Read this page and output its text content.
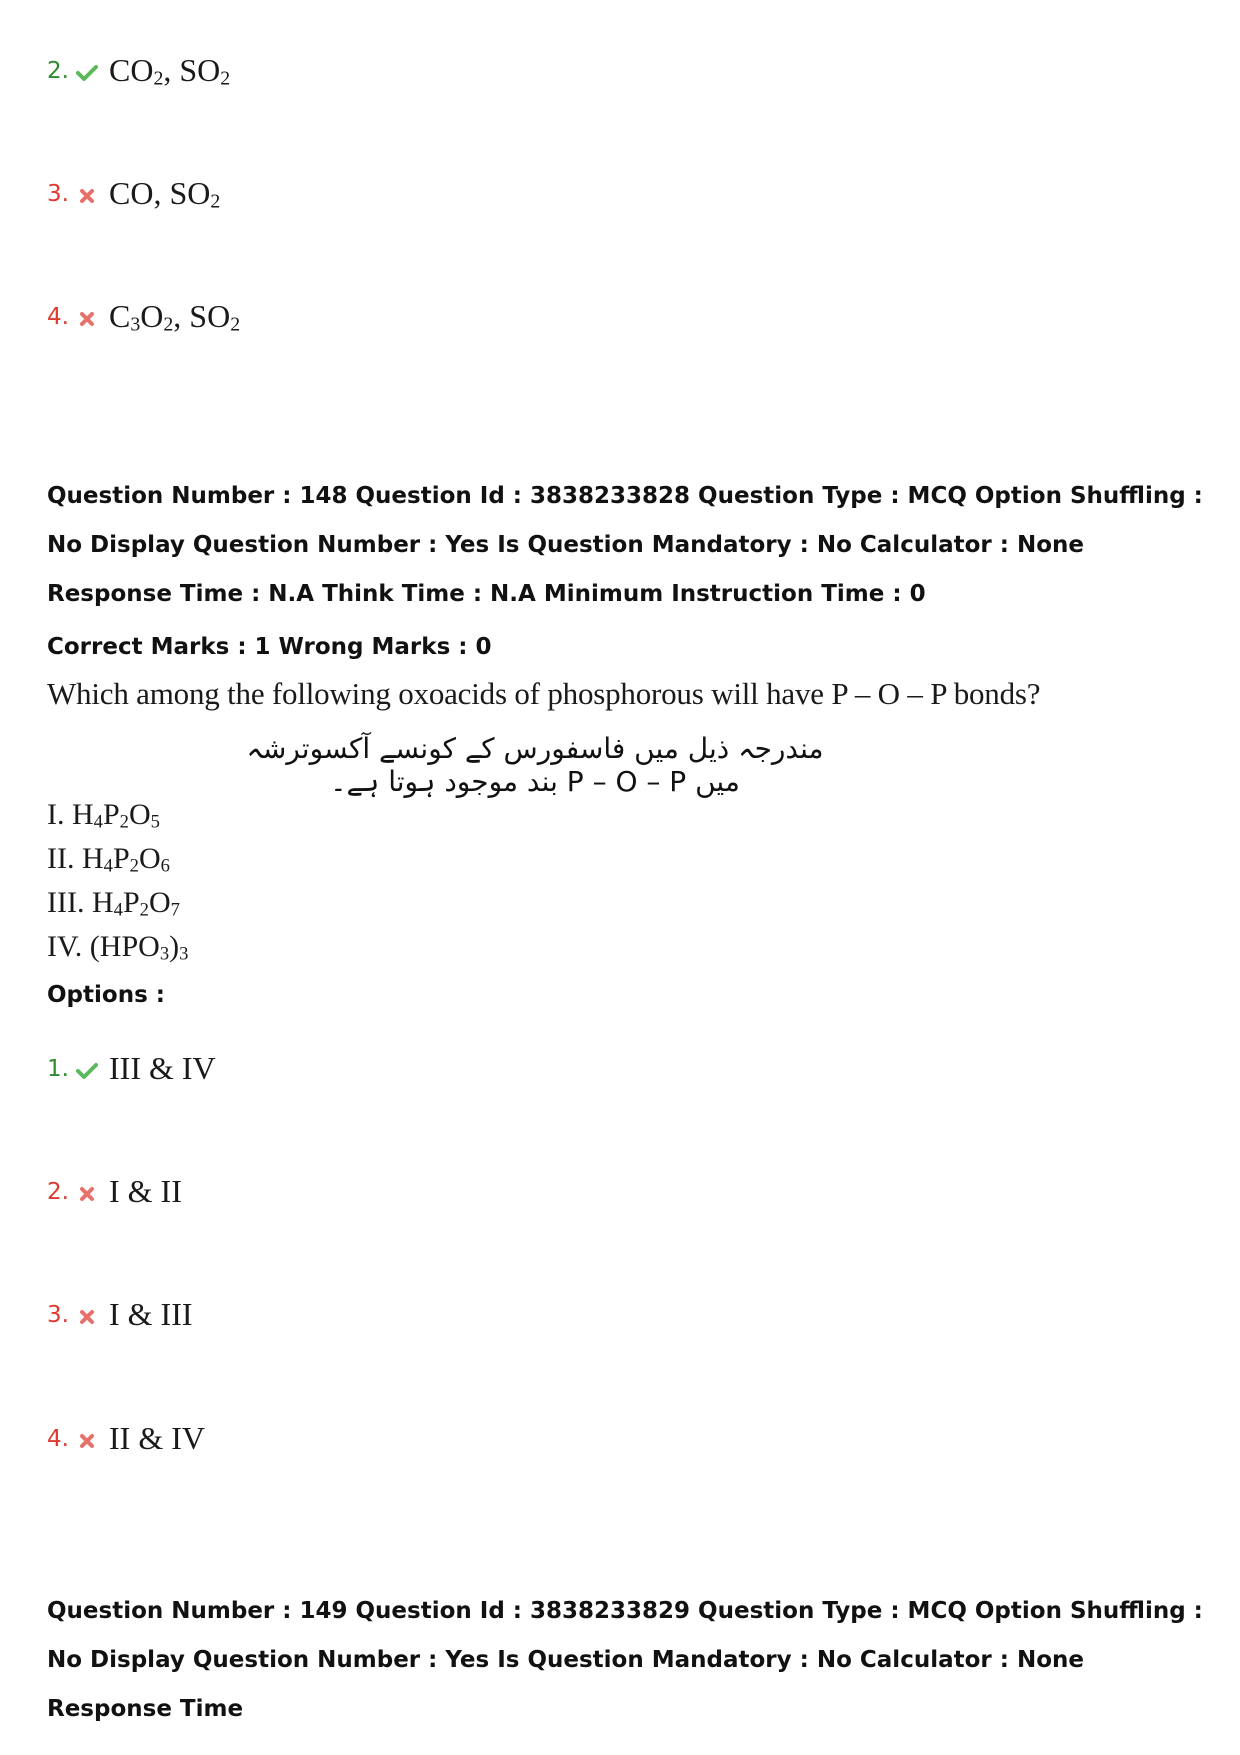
2. $CO_2$, $SO_2$
3. CO, $SO_2$
4. $C_3O_2$, $SO_2$
Question Number : 148 Question Id : 3838233828 Question Type : MCQ Option Shuffling : No Display Question Number : Yes Is Question Mandatory : No Calculator : None Response Time : N.A Think Time : N.A Minimum Instruction Time : 0
Correct Marks : 1 Wrong Marks : 0
Which among the following oxoacids of phosphorous will have P – O – P bonds?
مندرجہ ذیل میں فاسفورس کے کونسے آکسوترشہ میں P – O – P بند موجود ہوتا ہے۔
I. $H_4P_2O_5$
II. $H_4P_2O_6$
III. $H_4P_2O_7$
IV. $(HPO_3)_3$
Options :
1. III & IV
2. I & II
3. I & III
4. II & IV
Question Number : 149 Question Id : 3838233829 Question Type : MCQ Option Shuffling : No Display Question Number : Yes Is Question Mandatory : No Calculator : None Response Time
